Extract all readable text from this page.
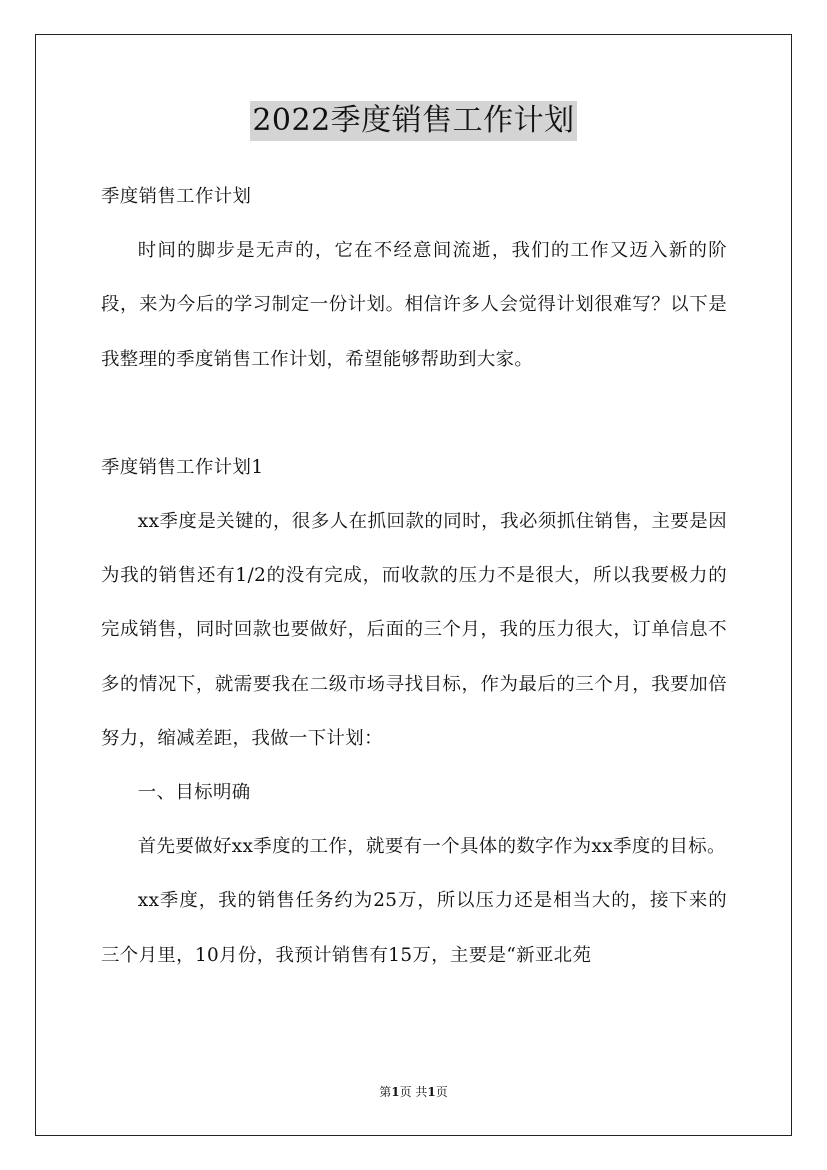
2022季度销售工作计划

季度销售工作计划

时间的脚步是无声的，它在不经意间流逝，我们的工作又迈入新的阶段，来为今后的学习制定一份计划。相信许多人会觉得计划很难写？以下是我整理的季度销售工作计划，希望能够帮助到大家。

季度销售工作计划1

xx季度是关键的，很多人在抓回款的同时，我必须抓住销售，主要是因为我的销售还有1/2的没有完成，而收款的压力不是很大，所以我要极力的完成销售，同时回款也要做好，后面的三个月，我的压力很大，订单信息不多的情况下，就需要我在二级市场寻找目标，作为最后的三个月，我要加倍努力，缩减差距，我做一下计划：

一、目标明确

首先要做好xx季度的工作，就要有一个具体的数字作为xx季度的目标。

xx季度，我的销售任务约为25万，所以压力还是相当大的，接下来的三个月里，10月份，我预计销售有15万，主要是“新亚北苑

第1页 共1页
